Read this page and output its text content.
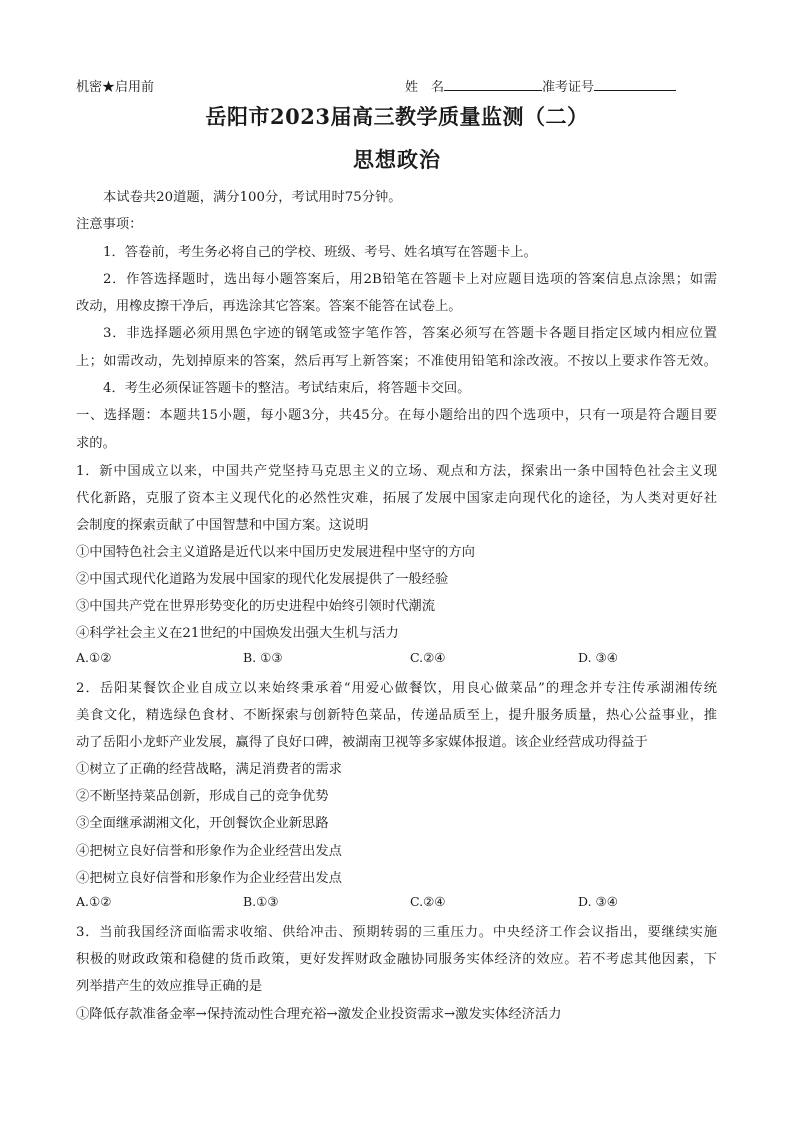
机密★启用前	姓　名	准考证号
岳阳市2023届高三教学质量监测（二）
思想政治
本试卷共20道题，满分100分，考试用时75分钟。
注意事项：
1．答卷前，考生务必将自己的学校、班级、考号、姓名填写在答题卡上。
2．作答选择题时，选出每小题答案后，用2B铅笔在答题卡上对应题目选项的答案信息点涂黑；如需
改动，用橡皮擦干净后，再选涂其它答案。答案不能答在试卷上。
3．非选择题必须用黑色字迹的钢笔或签字笔作答，答案必须写在答题卡各题目指定区域内相应位置
上；如需改动，先划掉原来的答案，然后再写上新答案；不准使用铅笔和涂改液。不按以上要求作答无效。
4．考生必须保证答题卡的整洁。考试结束后，将答题卡交回。
一、选择题：本题共15小题，每小题3分，共45分。在每小题给出的四个选项中，只有一项是符合题目要
求的。
1．新中国成立以来，中国共产党坚持马克思主义的立场、观点和方法，探索出一条中国特色社会主义现
代化新路，克服了资本主义现代化的必然性灾难，拓展了发展中国家走向现代化的途径，为人类对更好社
会制度的探索贡献了中国智慧和中国方案。这说明
①中国特色社会主义道路是近代以来中国历史发展进程中坚守的方向
②中国式现代化道路为发展中国家的现代化发展提供了一般经验
③中国共产党在世界形势变化的历史进程中始终引领时代潮流
④科学社会主义在21世纪的中国焕发出强大生机与活力
A.①②	B. ①③	C.②④	D. ③④
2．岳阳某餐饮企业自成立以来始终秉承着“用爱心做餐饮，用良心做菜品”的理念并专注传承湖湘传统
美食文化，精选绿色食材、不断探索与创新特色菜品，传递品质至上，提升服务质量，热心公益事业，推
动了岳阳小龙虾产业发展，赢得了良好口碑，被湖南卫视等多家媒体报道。该企业经营成功得益于
①树立了正确的经营战略，满足消费者的需求
②不断坚持菜品创新，形成自己的竞争优势
③全面继承湖湘文化，开创餐饮企业新思路
④把树立良好信誉和形象作为企业经营出发点
④把树立良好信誉和形象作为企业经营出发点
A.①②	B.①③	C.②④	D. ③④
3．当前我国经济面临需求收缩、供给冲击、预期转弱的三重压力。中央经济工作会议指出，要继续实施
积极的财政政策和稳健的货币政策，更好发挥财政金融协同服务实体经济的效应。若不考虑其他因素，下
列举措产生的效应推导正确的是
①降低存款准备金率→保持流动性合理充裕→激发企业投资需求→激发实体经济活力
